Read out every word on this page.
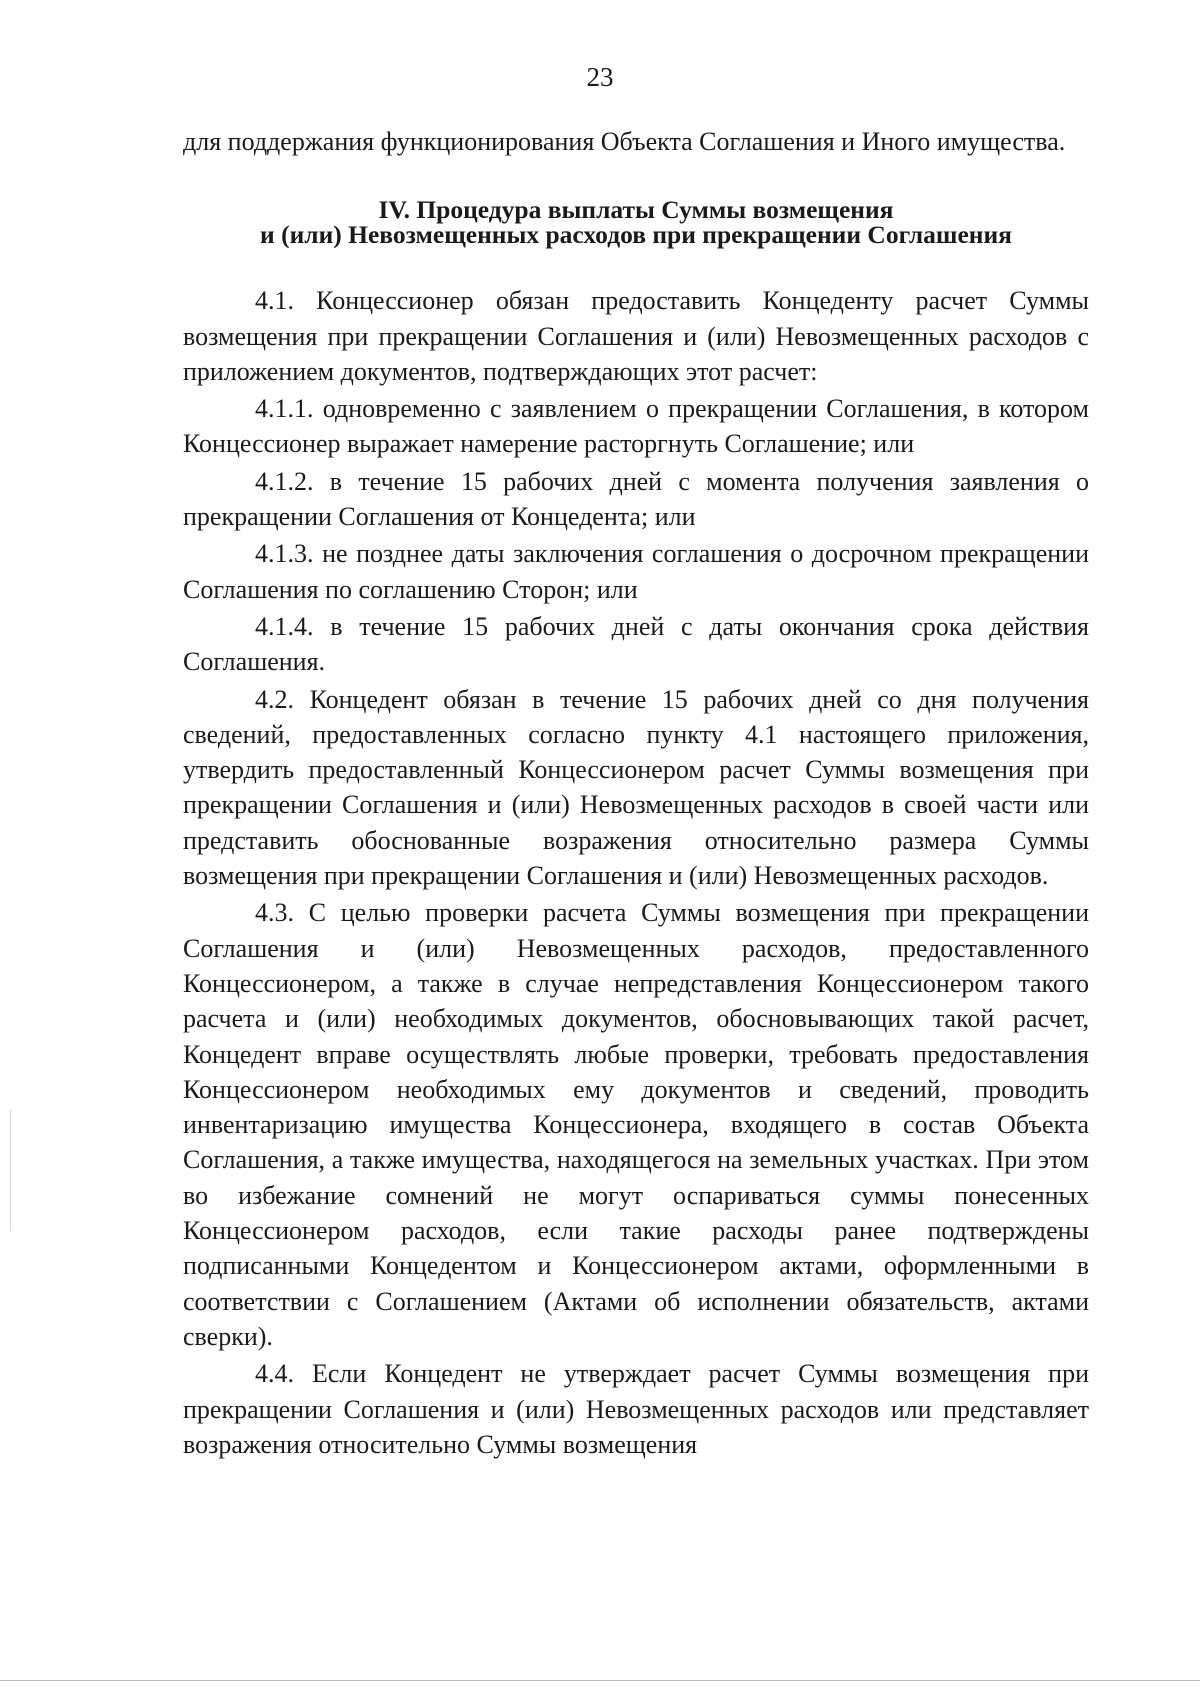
23

для поддержания функционирования Объекта Соглашения и Иного имущества.

IV. Процедура выплаты Суммы возмещения
и (или) Невозмещенных расходов при прекращении Соглашения

4.1. Концессионер обязан предоставить Концеденту расчет Суммы возмещения при прекращении Соглашения и (или) Невозмещенных расходов с приложением документов, подтверждающих этот расчет:

4.1.1. одновременно с заявлением о прекращении Соглашения, в котором Концессионер выражает намерение расторгнуть Соглашение; или

4.1.2. в течение 15 рабочих дней с момента получения заявления о прекращении Соглашения от Концедента; или

4.1.3. не позднее даты заключения соглашения о досрочном прекращении Соглашения по соглашению Сторон; или

4.1.4. в течение 15 рабочих дней с даты окончания срока действия Соглашения.

4.2. Концедент обязан в течение 15 рабочих дней со дня получения сведений, предоставленных согласно пункту 4.1 настоящего приложения, утвердить предоставленный Концессионером расчет Суммы возмещения при прекращении Соглашения и (или) Невозмещенных расходов в своей части или представить обоснованные возражения относительно размера Суммы возмещения при прекращении Соглашения и (или) Невозмещенных расходов.

4.3. С целью проверки расчета Суммы возмещения при прекращении Соглашения и (или) Невозмещенных расходов, предоставленного Концессионером, а также в случае непредставления Концессионером такого расчета и (или) необходимых документов, обосновывающих такой расчет, Концедент вправе осуществлять любые проверки, требовать предоставления Концессионером необходимых ему документов и сведений, проводить инвентаризацию имущества Концессионера, входящего в состав Объекта Соглашения, а также имущества, находящегося на земельных участках. При этом во избежание сомнений не могут оспариваться суммы понесенных Концессионером расходов, если такие расходы ранее подтверждены подписанными Концедентом и Концессионером актами, оформленными в соответствии с Соглашением (Актами об исполнении обязательств, актами сверки).

4.4. Если Концедент не утверждает расчет Суммы возмещения при прекращении Соглашения и (или) Невозмещенных расходов или представляет возражения относительно Суммы возмещения
